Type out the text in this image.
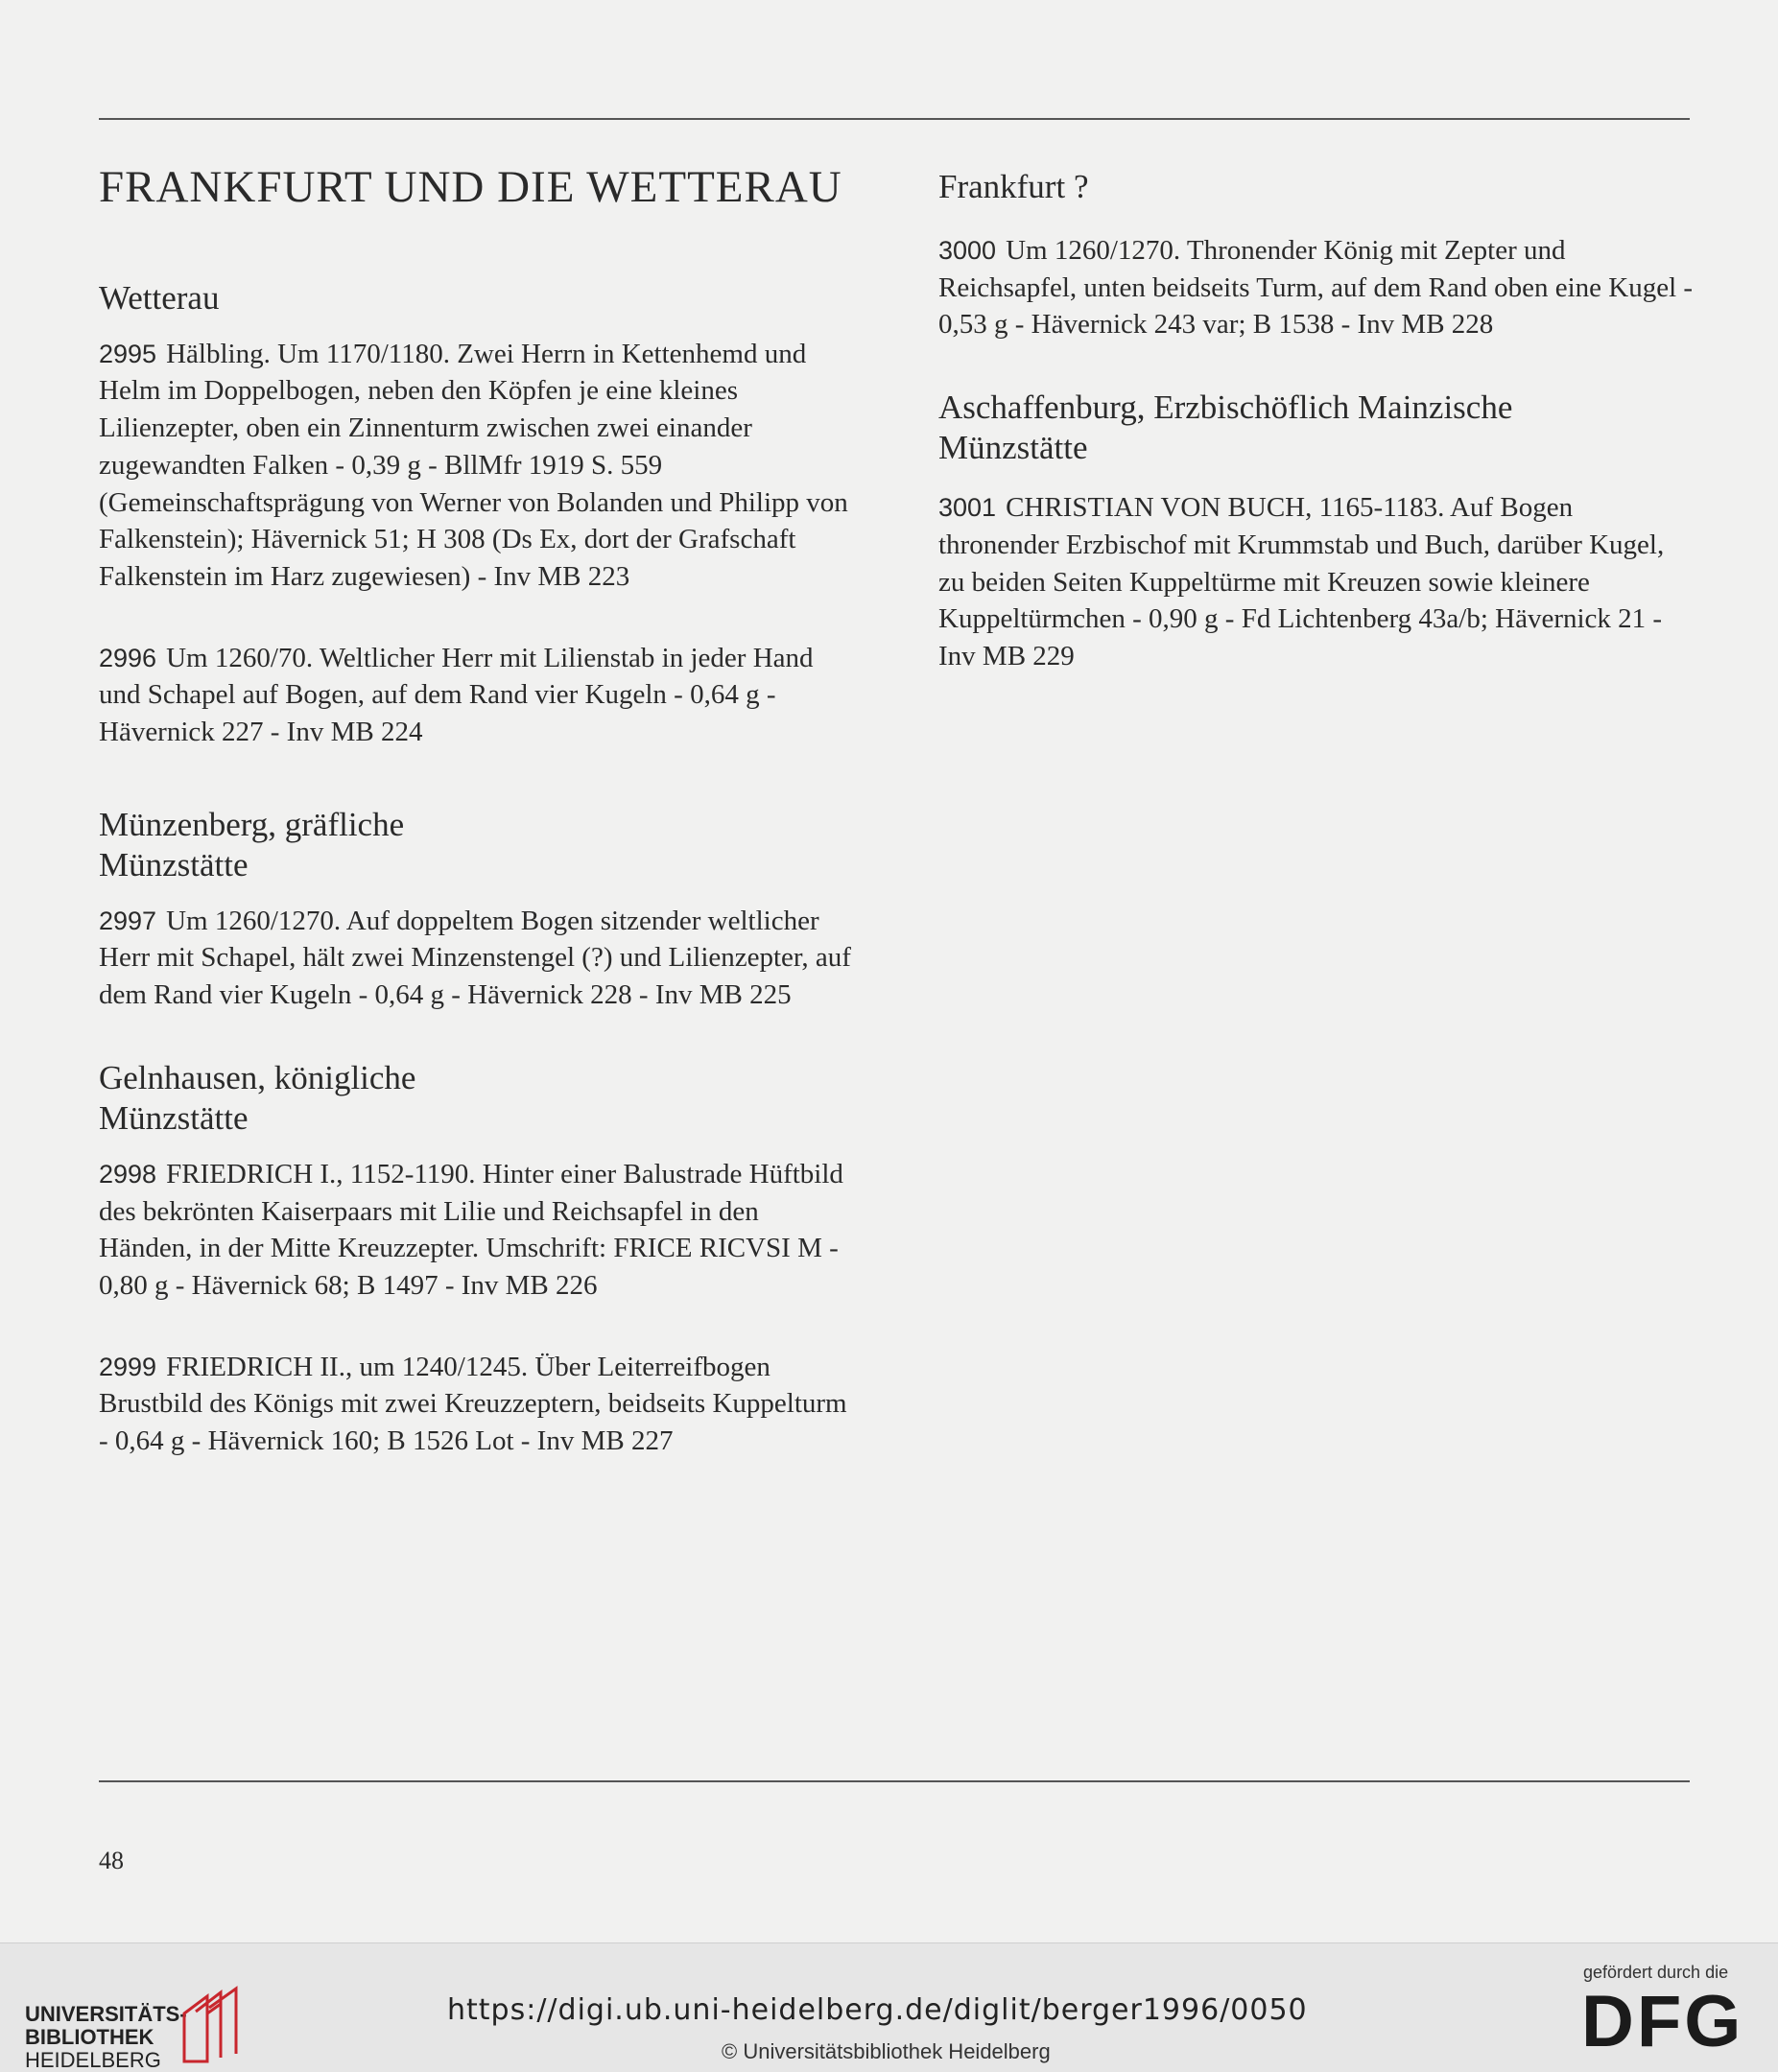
FRANKFURT UND DIE WETTERAU
Wetterau

2995 Hälbling. Um 1170/1180. Zwei Herrn in Kettenhemd und Helm im Doppelbogen, neben den Köpfen je eine kleines Lilienzepter, oben ein Zinnenturm zwischen zwei einander zugewandten Falken - 0,39 g - BllMfr 1919 S. 559 (Gemeinschaftsprägung von Werner von Bolanden und Philipp von Falkenstein); Hävernick 51; H 308 (Ds Ex, dort der Grafschaft Falkenstein im Harz zugewiesen) - Inv MB 223

2996 Um 1260/70. Weltlicher Herr mit Lilienstab in jeder Hand und Schapel auf Bogen, auf dem Rand vier Kugeln - 0,64 g - Hävernick 227 - Inv MB 224

Münzenberg, gräfliche Münzstätte

2997 Um 1260/1270. Auf doppeltem Bogen sitzender weltlicher Herr mit Schapel, hält zwei Minzenstengel (?) und Lilienzepter, auf dem Rand vier Kugeln - 0,64 g - Hävernick 228 - Inv MB 225

Gelnhausen, königliche Münzstätte

2998 FRIEDRICH I., 1152-1190. Hinter einer Balustrade Hüftbild des bekrönten Kaiserpaars mit Lilie und Reichsapfel in den Händen, in der Mitte Kreuzzepter. Umschrift: FRICE RICVSI M - 0,80 g - Hävernick 68; B 1497 - Inv MB 226

2999 FRIEDRICH II., um 1240/1245. Über Leiterreifbogen Brustbild des Königs mit zwei Kreuzzeptern, beidseits Kuppelturm - 0,64 g - Hävernick 160; B 1526 Lot - Inv MB 227

Frankfurt ?

3000 Um 1260/1270. Thronender König mit Zepter und Reichsapfel, unten beidseits Turm, auf dem Rand oben eine Kugel - 0,53 g - Hävernick 243 var; B 1538 - Inv MB 228

Aschaffenburg, Erzbischöflich Mainzische Münzstätte

3001 CHRISTIAN VON BUCH, 1165-1183. Auf Bogen thronender Erzbischof mit Krummstab und Buch, darüber Kugel, zu beiden Seiten Kuppeltürme mit Kreuzen sowie kleinere Kuppeltürmchen - 0,90 g - Fd Lichtenberg 43a/b; Hävernick 21 - Inv MB 229

48
UNIVERSITÄTS-
BIBLIOTHEK
HEIDELBERG
https://digi.ub.uni-heidelberg.de/diglit/berger1996/0050
© Universitätsbibliothek Heidelberg
gefördert durch die
DFG
